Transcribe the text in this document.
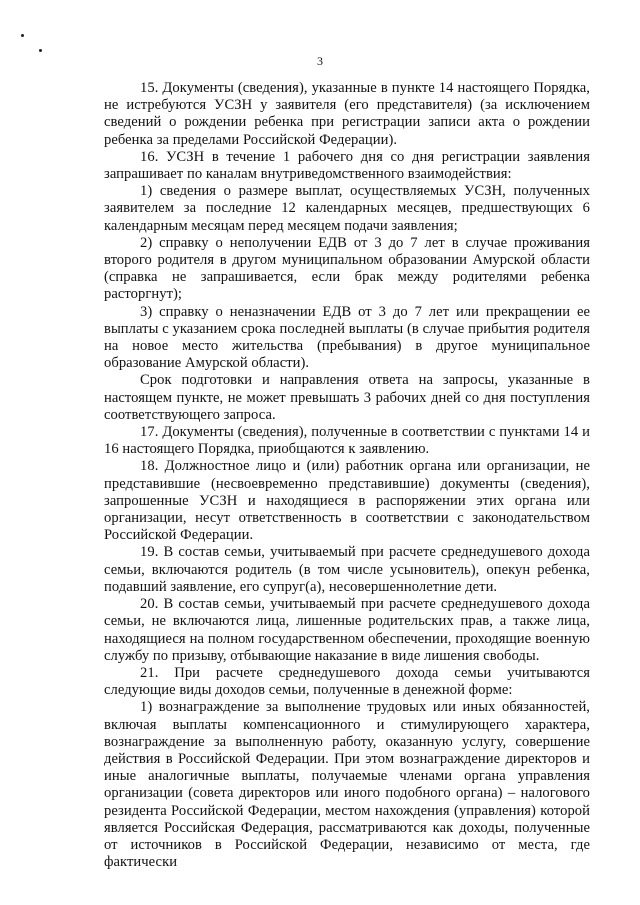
3

15. Документы (сведения), указанные в пункте 14 настоящего Порядка, не истребуются УСЗН у заявителя (его представителя) (за исключением сведений о рождении ребенка при регистрации записи акта о рождении ребенка за пределами Российской Федерации).

16. УСЗН в течение 1 рабочего дня со дня регистрации заявления запрашивает по каналам внутриведомственного взаимодействия:

1) сведения о размере выплат, осуществляемых УСЗН, полученных заявителем за последние 12 календарных месяцев, предшествующих 6 календарным месяцам перед месяцем подачи заявления;

2) справку о неполучении ЕДВ от 3 до 7 лет в случае проживания второго родителя в другом муниципальном образовании Амурской области (справка не запрашивается, если брак между родителями ребенка расторгнут);

3) справку о неназначении ЕДВ от 3 до 7 лет или прекращении ее выплаты с указанием срока последней выплаты (в случае прибытия родителя на новое место жительства (пребывания) в другое муниципальное образование Амурской области).

Срок подготовки и направления ответа на запросы, указанные в настоящем пункте, не может превышать 3 рабочих дней со дня поступления соответствующего запроса.

17. Документы (сведения), полученные в соответствии с пунктами 14 и 16 настоящего Порядка, приобщаются к заявлению.

18. Должностное лицо и (или) работник органа или организации, не представившие (несвоевременно представившие) документы (сведения), запрошенные УСЗН и находящиеся в распоряжении этих органа или организации, несут ответственность в соответствии с законодательством Российской Федерации.

19. В состав семьи, учитываемый при расчете среднедушевого дохода семьи, включаются родитель (в том числе усыновитель), опекун ребенка, подавший заявление, его супруг(а), несовершеннолетние дети.

20. В состав семьи, учитываемый при расчете среднедушевого дохода семьи, не включаются лица, лишенные родительских прав, а также лица, находящиеся на полном государственном обеспечении, проходящие военную службу по призыву, отбывающие наказание в виде лишения свободы.

21. При расчете среднедушевого дохода семьи учитываются следующие виды доходов семьи, полученные в денежной форме:

1) вознаграждение за выполнение трудовых или иных обязанностей, включая выплаты компенсационного и стимулирующего характера, вознаграждение за выполненную работу, оказанную услугу, совершение действия в Российской Федерации. При этом вознаграждение директоров и иные аналогичные выплаты, получаемые членами органа управления организации (совета директоров или иного подобного органа) – налогового резидента Российской Федерации, местом нахождения (управления) которой является Российская Федерация, рассматриваются как доходы, полученные от источников в Российской Федерации, независимо от места, где фактически
